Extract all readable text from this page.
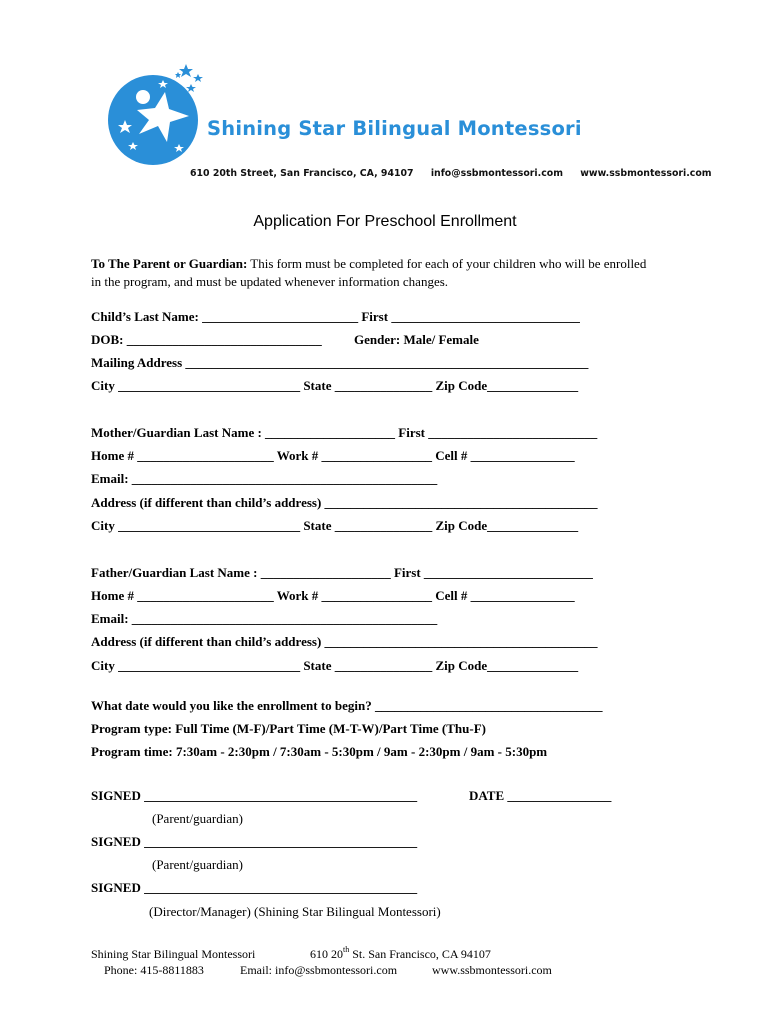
Shining Star Bilingual Montessori
610 20th Street, San Francisco, CA, 94107 info@ssbmontessori.com www.ssbmontessori.com
Application For Preschool Enrollment
To The Parent or Guardian: This form must be completed for each of your children who will be enrolled in the program, and must be updated whenever information changes.
Child’s Last Name: ________________________ First _____________________________
DOB: ______________________________ Gender: Male/ Female
Mailing Address ______________________________________________________________
City ____________________________ State _______________ Zip Code______________
Mother/Guardian Last Name : ____________________ First __________________________
Home # _____________________ Work # _________________ Cell # ________________
Email: _______________________________________________
Address (if different than child’s address) __________________________________________
City ____________________________ State _______________ Zip Code______________
Father/Guardian Last Name : ____________________ First __________________________
Home # _____________________ Work # _________________ Cell # ________________
Email: _______________________________________________
Address (if different than child’s address) __________________________________________
City ____________________________ State _______________ Zip Code______________
What date would you like the enrollment to begin? ___________________________________
Program type: Full Time (M-F)/Part Time (M-T-W)/Part Time (Thu-F)
Program time: 7:30am - 2:30pm / 7:30am - 5:30pm / 9am - 2:30pm / 9am - 5:30pm
SIGNED __________________________________________	DATE ________________
(Parent/guardian)
SIGNED __________________________________________
(Parent/guardian)
SIGNED __________________________________________
(Director/Manager) (Shining Star Bilingual Montessori)
Shining Star Bilingual Montessori	610 20th St. San Francisco, CA 94107
Phone: 415-8811883	Email: info@ssbmontessori.com	www.ssbmontessori.com
